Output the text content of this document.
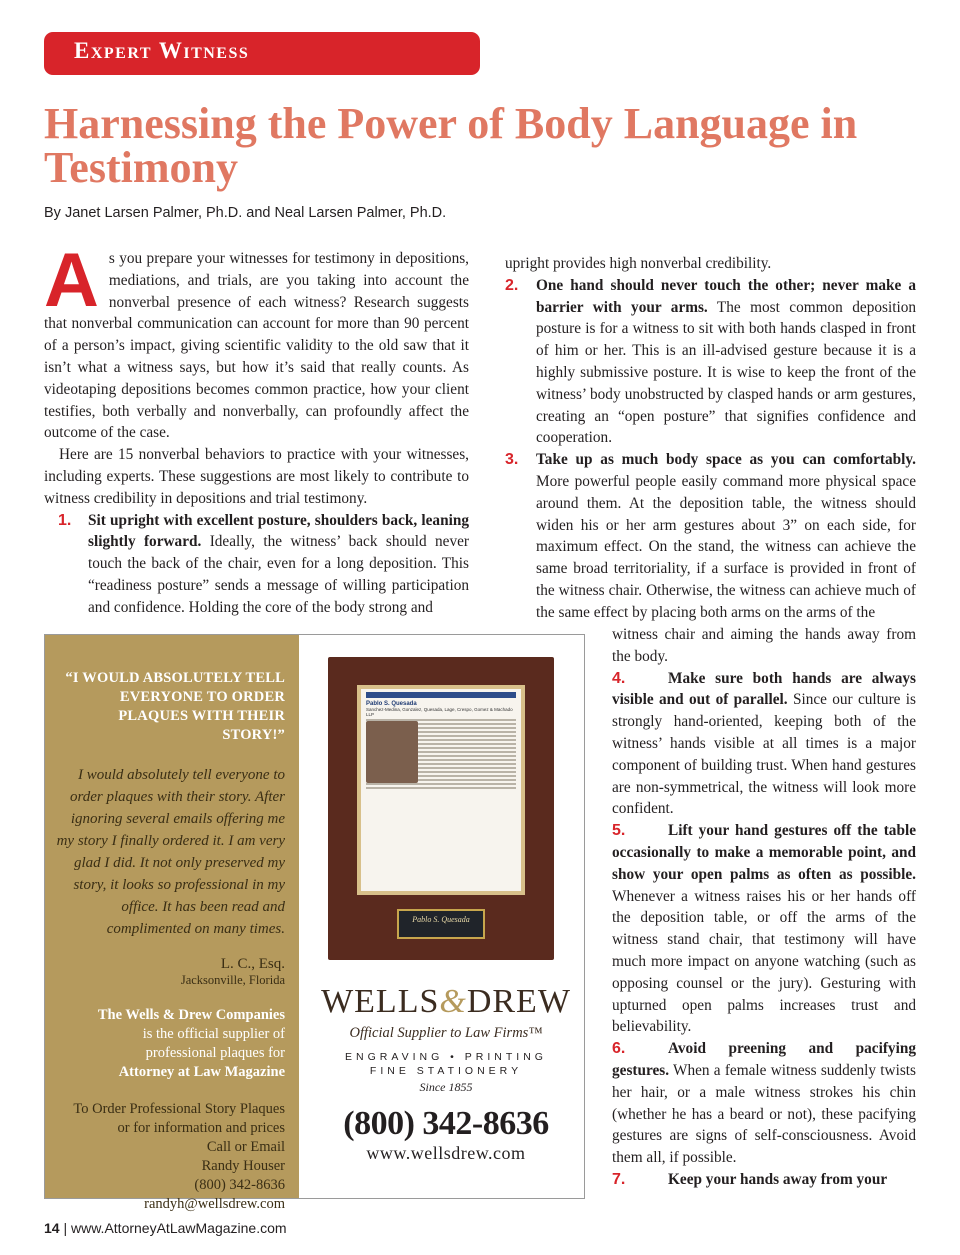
Expert Witness
Harnessing the Power of Body Language in Testimony
By Janet Larsen Palmer, Ph.D. and Neal Larsen Palmer, Ph.D.

As you prepare your witnesses for testimony in depositions, mediations, and trials, are you taking into account the nonverbal presence of each witness? Research suggests that nonverbal communication can account for more than 90 percent of a person’s impact, giving scientific validity to the old saw that it isn’t what a witness says, but how it’s said that really counts. As videotaping depositions becomes common practice, how your client testifies, both verbally and nonverbally, can profoundly affect the outcome of the case.

Here are 15 nonverbal behaviors to practice with your witnesses, including experts. These suggestions are most likely to contribute to witness credibility in depositions and trial testimony.

1. Sit upright with excellent posture, shoulders back, leaning slightly forward. Ideally, the witness’ back should never touch the back of the chair, even for a long deposition. This “readiness posture” sends a message of willing participation and confidence. Holding the core of the body strong and

upright provides high nonverbal credibility.

2. One hand should never touch the other; never make a barrier with your arms. The most common deposition posture is for a witness to sit with both hands clasped in front of him or her. This is an ill-advised gesture because it is a highly submissive posture. It is wise to keep the front of the witness’ body unobstructed by clasped hands or arm gestures, creating an “open posture” that signifies confidence and cooperation.
3. Take up as much body space as you can comfortably. More powerful people easily command more physical space around them. At the deposition table, the witness should widen his or her arm gestures about 3” on each side, for maximum effect. On the stand, the witness can achieve the same broad territoriality, if a surface is provided in front of the witness chair. Otherwise, the witness can achieve much of the same effect by placing both arms on the arms of the

witness chair and aiming the hands away from the body.

4.	Make sure both hands are always visible and out of parallel. Since our culture is strongly hand-oriented, keeping both of the witness’ hands visible at all times is a major component of building trust. When hand gestures are non-symmetrical, the witness will look more confident.
5.	Lift your hand gestures off the table occasionally to make a memorable point, and show your open palms as often as possible. Whenever a witness raises his or her hands off the deposition table, or off the arms of the witness stand chair, that testimony will have much more impact on anyone watching (such as opposing counsel or the jury). Gesturing with upturned open palms increases trust and believability.
6.	Avoid preening and pacifying gestures. When a female witness suddenly twists her hair, or a male witness strokes his chin (whether he has a beard or not), these pacifying gestures are signs of self-consciousness. Avoid them all, if possible.
7.	Keep your hands away from your
“I WOULD ABSOLUTELY TELL EVERYONE TO ORDER PLAQUES WITH THEIR STORY!”
I would absolutely tell everyone to order plaques with their story. After ignoring several emails offering me my story I finally ordered it. I am very glad I did. It not only preserved my story, it looks so professional in my office. It has been read and complimented on many times.
L. C., Esq.
Jacksonville, Florida
The Wells & Drew Companies
is the official supplier of
professional plaques for
Attorney at Law Magazine
To Order Professional Story Plaques
or for information and prices
Call or Email
Randy Houser
(800) 342-8636
randyh@wellsdrew.com
Pablo S. Quesada
Sanchez-Medina, Gonzalez, Quesada, Lage, Crespo, Gomez & Machado LLP
Pablo S. Quesada
WELLS&DREW
Official Supplier to Law Firms™
ENGRAVING • PRINTING
FINE STATIONERY
Since 1855
(800) 342-8636
www.wellsdrew.com
14 | www.AttorneyAtLawMagazine.com
